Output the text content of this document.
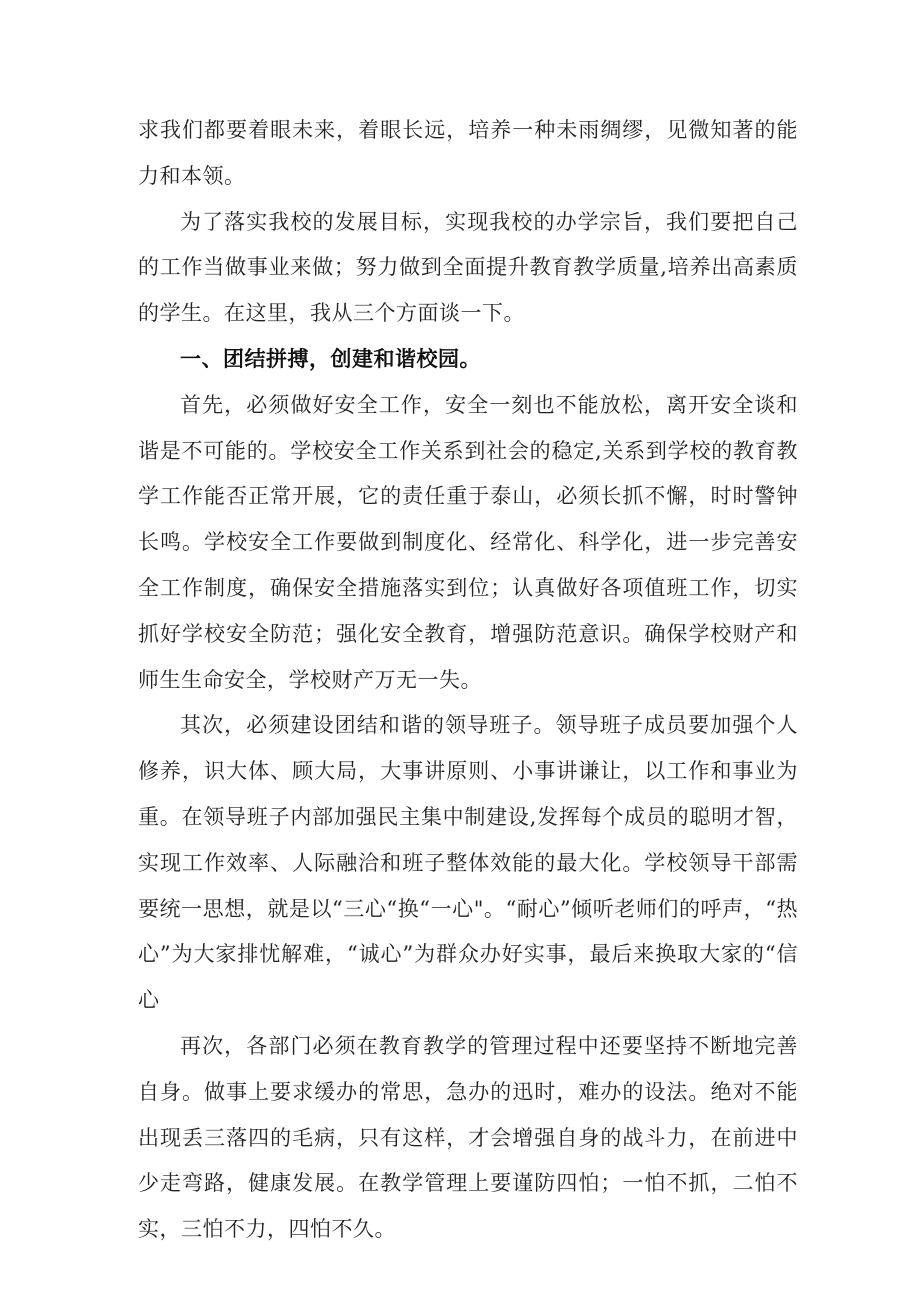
求我们都要着眼未来，着眼长远，培养一种未雨绸缪，见微知著的能力和本领。

为了落实我校的发展目标，实现我校的办学宗旨，我们要把自己的工作当做事业来做；努力做到全面提升教育教学质量,培养出高素质的学生。在这里，我从三个方面谈一下。

一、团结拼搏，创建和谐校园。

首先，必须做好安全工作，安全一刻也不能放松，离开安全谈和谐是不可能的。学校安全工作关系到社会的稳定,关系到学校的教育教学工作能否正常开展，它的责任重于泰山，必须长抓不懈，时时警钟长鸣。学校安全工作要做到制度化、经常化、科学化，进一步完善安全工作制度，确保安全措施落实到位；认真做好各项值班工作，切实抓好学校安全防范；强化安全教育，增强防范意识。确保学校财产和师生生命安全，学校财产万无一失。

其次，必须建设团结和谐的领导班子。领导班子成员要加强个人修养，识大体、顾大局，大事讲原则、小事讲谦让，以工作和事业为重。在领导班子内部加强民主集中制建设,发挥每个成员的聪明才智，实现工作效率、人际融洽和班子整体效能的最大化。学校领导干部需要统一思想，就是以“三心“换“一心"。“耐心”倾听老师们的呼声，“热心”为大家排忧解难，“诚心”为群众办好实事，最后来换取大家的“信心

再次，各部门必须在教育教学的管理过程中还要坚持不断地完善自身。做事上要求缓办的常思，急办的迅时，难办的设法。绝对不能出现丢三落四的毛病，只有这样，才会增强自身的战斗力，在前进中少走弯路，健康发展。在教学管理上要谨防四怕；一怕不抓，二怕不实，三怕不力，四怕不久。
